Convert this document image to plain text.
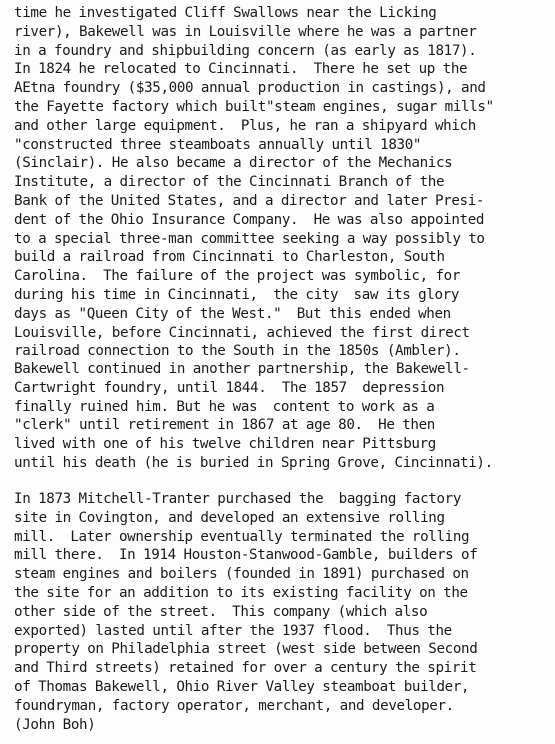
time he investigated Cliff Swallows near the Licking
river), Bakewell was in Louisville where he was a partner
in a foundry and shipbuilding concern (as early as 1817).
In 1824 he relocated to Cincinnati.  There he set up the
AEtna foundry ($35,000 annual production in castings), and
the Fayette factory which built"steam engines, sugar mills"
and other large equipment.  Plus, he ran a shipyard which
"constructed three steamboats annually until 1830"
(Sinclair). He also became a director of the Mechanics
Institute, a director of the Cincinnati Branch of the
Bank of the United States, and a director and later Presi-
dent of the Ohio Insurance Company.  He was also appointed
to a special three-man committee seeking a way possibly to
build a railroad from Cincinnati to Charleston, South
Carolina.  The failure of the project was symbolic, for
during his time in Cincinnati,  the city  saw its glory
days as "Queen City of the West."  But this ended when
Louisville, before Cincinnati, achieved the first direct
railroad connection to the South in the 1850s (Ambler).
Bakewell continued in another partnership, the Bakewell-
Cartwright foundry, until 1844.  The 1857  depression
finally ruined him. But he was  content to work as a
"clerk" until retirement in 1867 at age 80.  He then
lived with one of his twelve children near Pittsburg
until his death (he is buried in Spring Grove, Cincinnati).
In 1873 Mitchell-Tranter purchased the  bagging factory
site in Covington, and developed an extensive rolling
mill.  Later ownership eventually terminated the rolling
mill there.  In 1914 Houston-Stanwood-Gamble, builders of
steam engines and boilers (founded in 1891) purchased on
the site for an addition to its existing facility on the
other side of the street.  This company (which also
exported) lasted until after the 1937 flood.  Thus the
property on Philadelphia street (west side between Second
and Third streets) retained for over a century the spirit
of Thomas Bakewell, Ohio River Valley steamboat builder,
foundryman, factory operator, merchant, and developer.
(John Boh)
